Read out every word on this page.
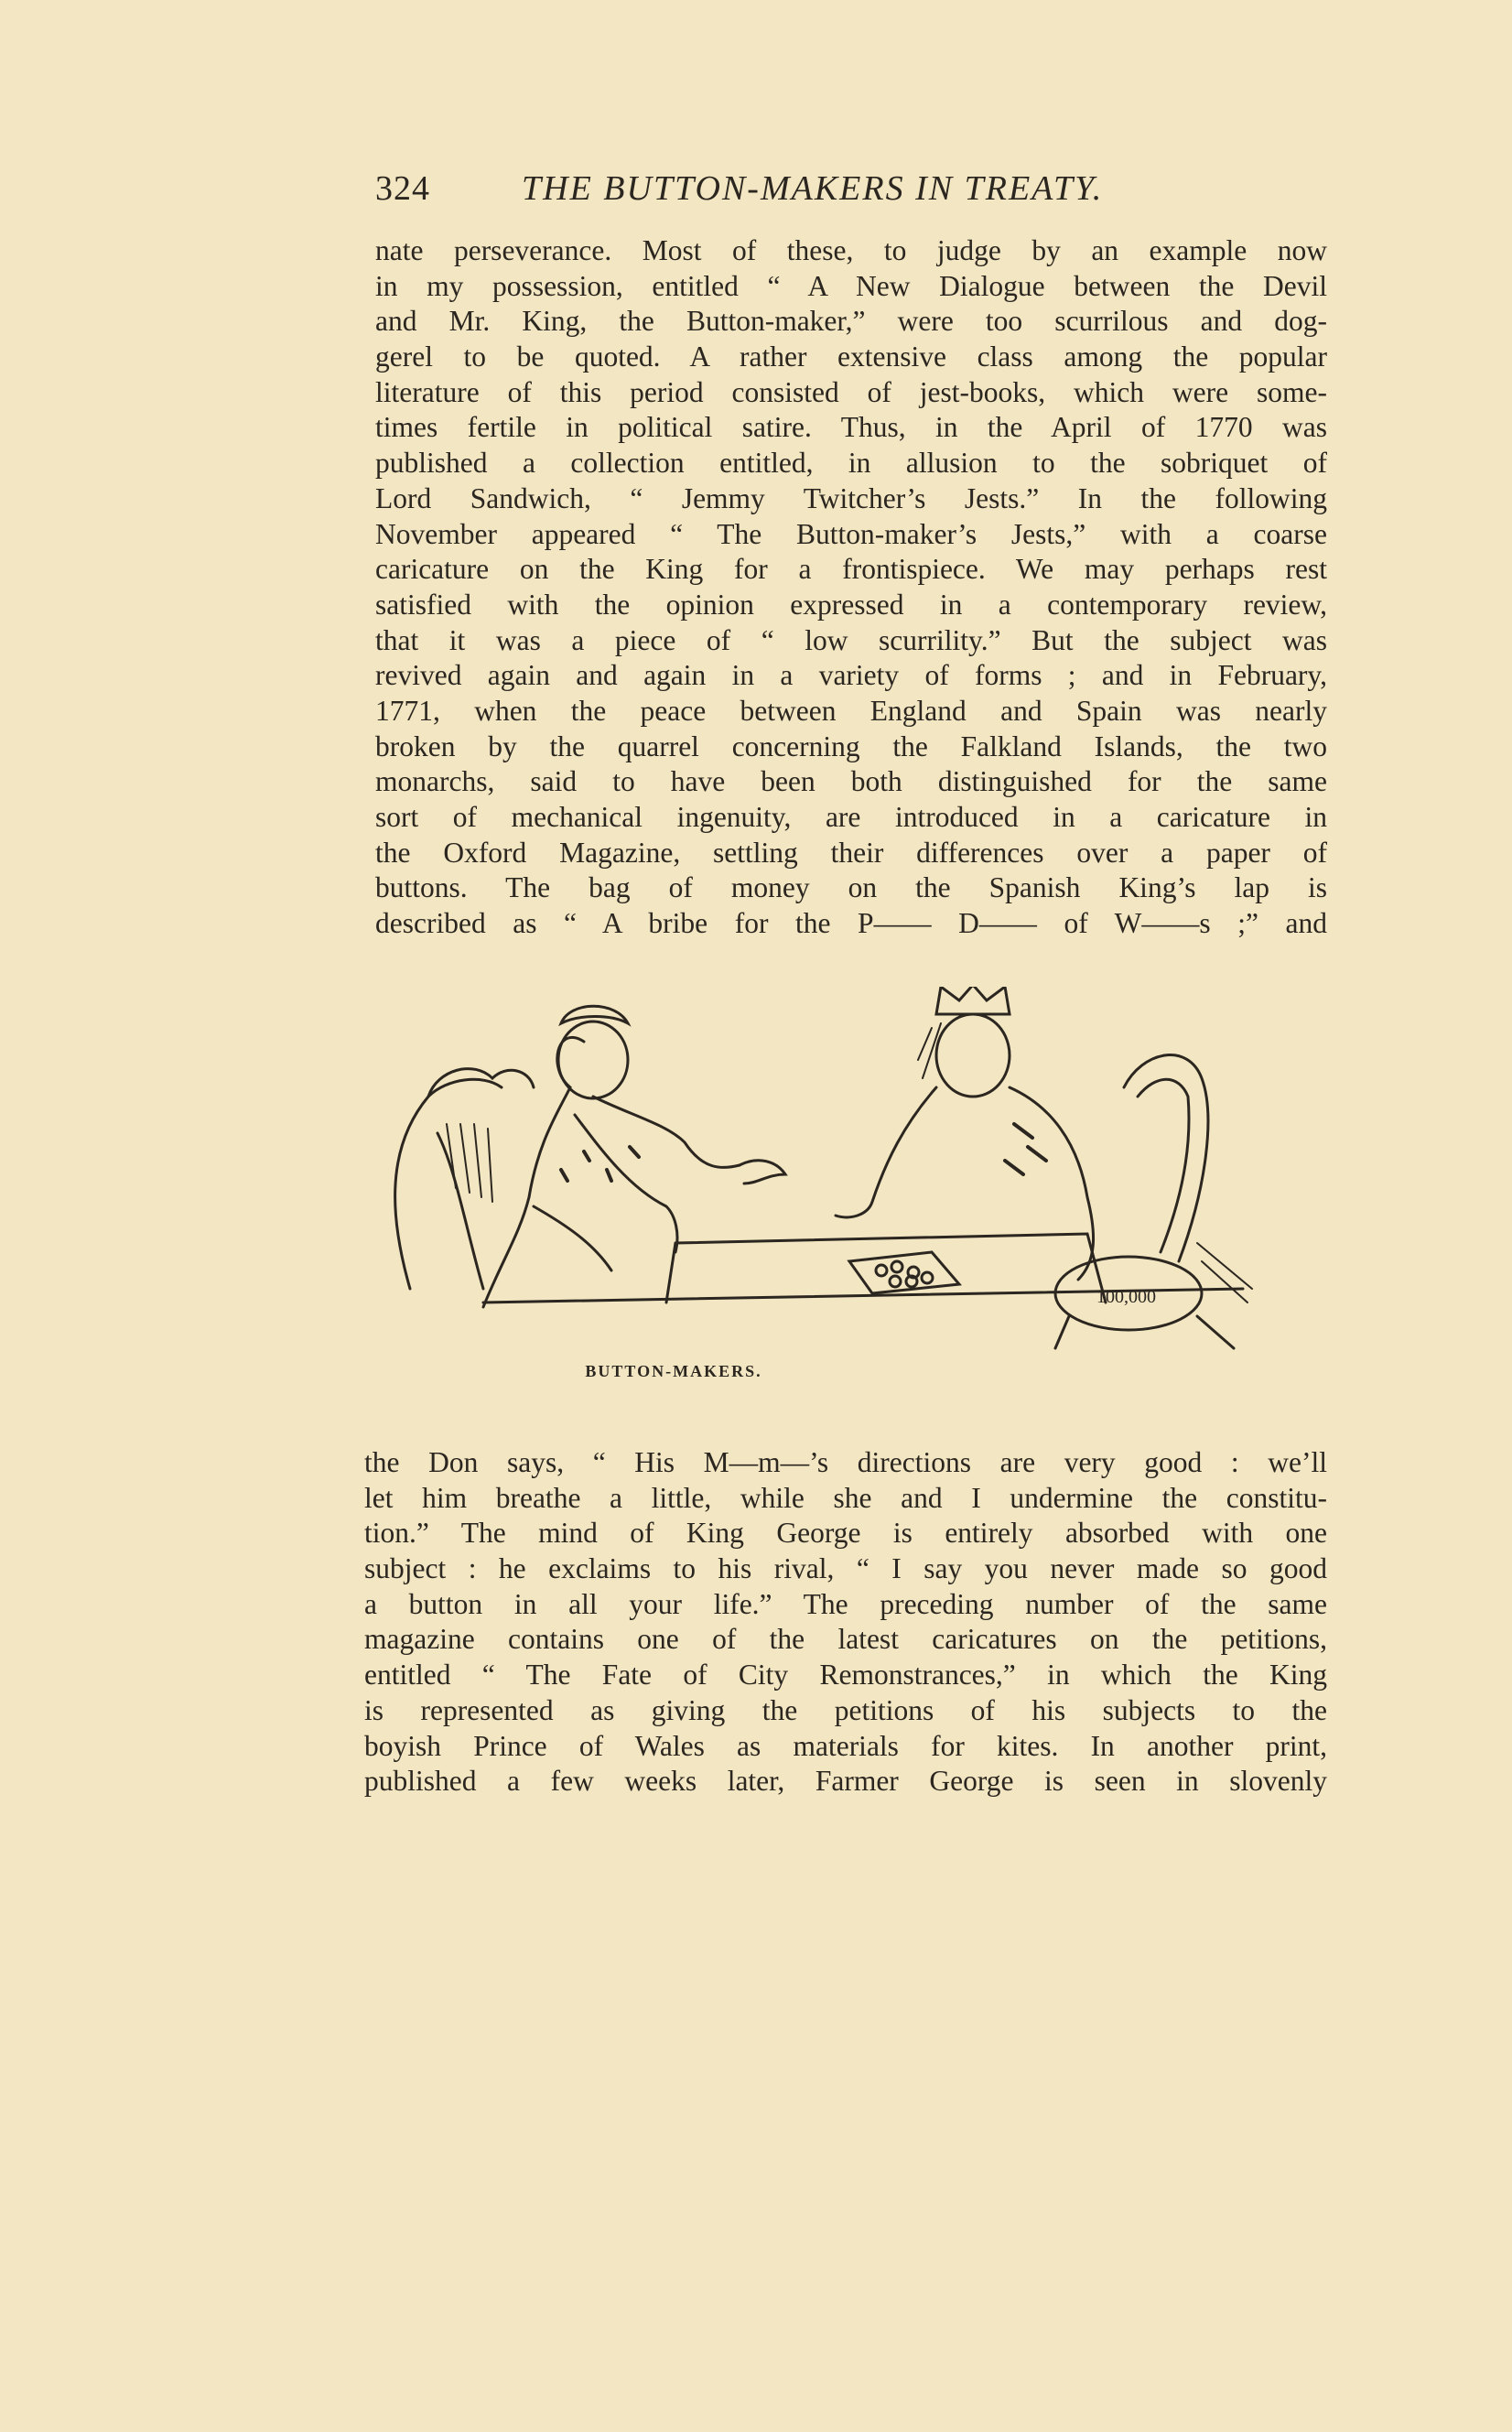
324	THE BUTTON-MAKERS IN TREATY.
nate perseverance. Most of these, to judge by an example now
in my possession, entitled “ A New Dialogue between the Devil
and Mr. King, the Button-maker,” were too scurrilous and dog-
gerel to be quoted. A rather extensive class among the popular
literature of this period consisted of jest-books, which were some-
times fertile in political satire. Thus, in the April of 1770 was
published a collection entitled, in allusion to the sobriquet of
Lord Sandwich, “ Jemmy Twitcher’s Jests.” In the following
November appeared “ The Button-maker’s Jests,” with a coarse
caricature on the King for a frontispiece. We may perhaps rest
satisfied with the opinion expressed in a contemporary review,
that it was a piece of “ low scurrility.” But the subject was
revived again and again in a variety of forms ; and in February,
1771, when the peace between England and Spain was nearly
broken by the quarrel concerning the Falkland Islands, the two
monarchs, said to have been both distinguished for the same
sort of mechanical ingenuity, are introduced in a caricature in
the Oxford Magazine, settling their differences over a paper of
buttons. The bag of money on the Spanish King’s lap is
described as “ A bribe for the P—— D—— of W——s ;” and
100,000
BUTTON-MAKERS.
the Don says, “ His M—m—’s directions are very good : we’ll
let him breathe a little, while she and I undermine the constitu-
tion.” The mind of King George is entirely absorbed with one
subject : he exclaims to his rival, “ I say you never made so good
a button in all your life.” The preceding number of the same
magazine contains one of the latest caricatures on the petitions,
entitled “ The Fate of City Remonstrances,” in which the King
is represented as giving the petitions of his subjects to the
boyish Prince of Wales as materials for kites. In another print,
published a few weeks later, Farmer George is seen in slovenly
